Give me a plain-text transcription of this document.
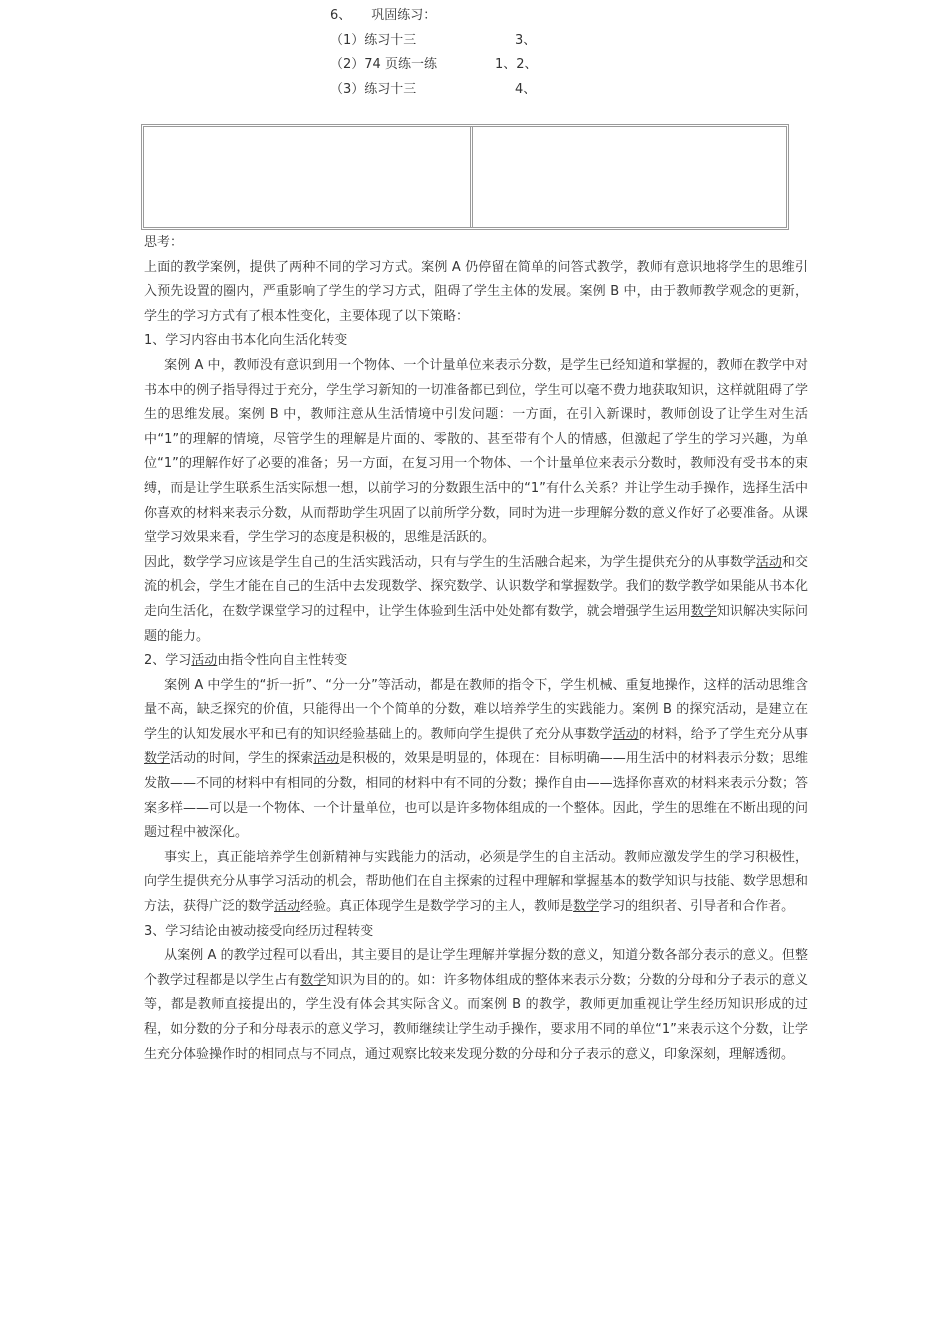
6、 巩固练习：
（1）练习十三	3、
（2）74 页练一练	1、2、
（3）练习十三	4、

思考：

上面的教学案例，提供了两种不同的学习方式。案例 A 仍停留在简单的问答式教学，教师有意识地将学生的思维引入预先设置的圈内，严重影响了学生的学习方式，阻碍了学生主体的发展。案例 B 中，由于教师教学观念的更新，学生的学习方式有了根本性变化，主要体现了以下策略：

1、学习内容由书本化向生活化转变

案例 A 中，教师没有意识到用一个物体、一个计量单位来表示分数，是学生已经知道和掌握的，教师在教学中对书本中的例子指导得过于充分，学生学习新知的一切准备都已到位，学生可以毫不费力地获取知识，这样就阻碍了学生的思维发展。案例 B 中，教师注意从生活情境中引发问题：一方面，在引入新课时，教师创设了让学生对生活中“1”的理解的情境，尽管学生的理解是片面的、零散的、甚至带有个人的情感，但激起了学生的学习兴趣，为单位“1”的理解作好了必要的准备；另一方面，在复习用一个物体、一个计量单位来表示分数时，教师没有受书本的束缚，而是让学生联系生活实际想一想，以前学习的分数跟生活中的“1”有什么关系？并让学生动手操作，选择生活中你喜欢的材料来表示分数，从而帮助学生巩固了以前所学分数，同时为进一步理解分数的意义作好了必要准备。从课堂学习效果来看，学生学习的态度是积极的，思维是活跃的。

因此，数学学习应该是学生自己的生活实践活动，只有与学生的生活融合起来，为学生提供充分的从事数学活动和交流的机会，学生才能在自己的生活中去发现数学、探究数学、认识数学和掌握数学。我们的数学教学如果能从书本化走向生活化，在数学课堂学习的过程中，让学生体验到生活中处处都有数学，就会增强学生运用数学知识解决实际问题的能力。

2、学习活动由指令性向自主性转变

案例 A 中学生的“折一折”、“分一分”等活动，都是在教师的指令下，学生机械、重复地操作，这样的活动思维含量不高，缺乏探究的价值，只能得出一个个简单的分数，难以培养学生的实践能力。案例 B 的探究活动，是建立在学生的认知发展水平和已有的知识经验基础上的。教师向学生提供了充分从事数学活动的材料，给予了学生充分从事数学活动的时间，学生的探索活动是积极的，效果是明显的，体现在：目标明确——用生活中的材料表示分数；思维发散——不同的材料中有相同的分数，相同的材料中有不同的分数；操作自由——选择你喜欢的材料来表示分数；答案多样——可以是一个物体、一个计量单位，也可以是许多物体组成的一个整体。因此，学生的思维在不断出现的问题过程中被深化。

事实上，真正能培养学生创新精神与实践能力的活动，必须是学生的自主活动。教师应激发学生的学习积极性，向学生提供充分从事学习活动的机会，帮助他们在自主探索的过程中理解和掌握基本的数学知识与技能、数学思想和方法，获得广泛的数学活动经验。真正体现学生是数学学习的主人，教师是数学学习的组织者、引导者和合作者。

3、学习结论由被动接受向经历过程转变

从案例 A 的教学过程可以看出，其主要目的是让学生理解并掌握分数的意义，知道分数各部分表示的意义。但整个教学过程都是以学生占有数学知识为目的的。如：许多物体组成的整体来表示分数；分数的分母和分子表示的意义等，都是教师直接提出的，学生没有体会其实际含义。而案例 B 的教学，教师更加重视让学生经历知识形成的过程，如分数的分子和分母表示的意义学习，教师继续让学生动手操作，要求用不同的单位“1”来表示这个分数，让学生充分体验操作时的相同点与不同点，通过观察比较来发现分数的分母和分子表示的意义，印象深刻，理解透彻。
